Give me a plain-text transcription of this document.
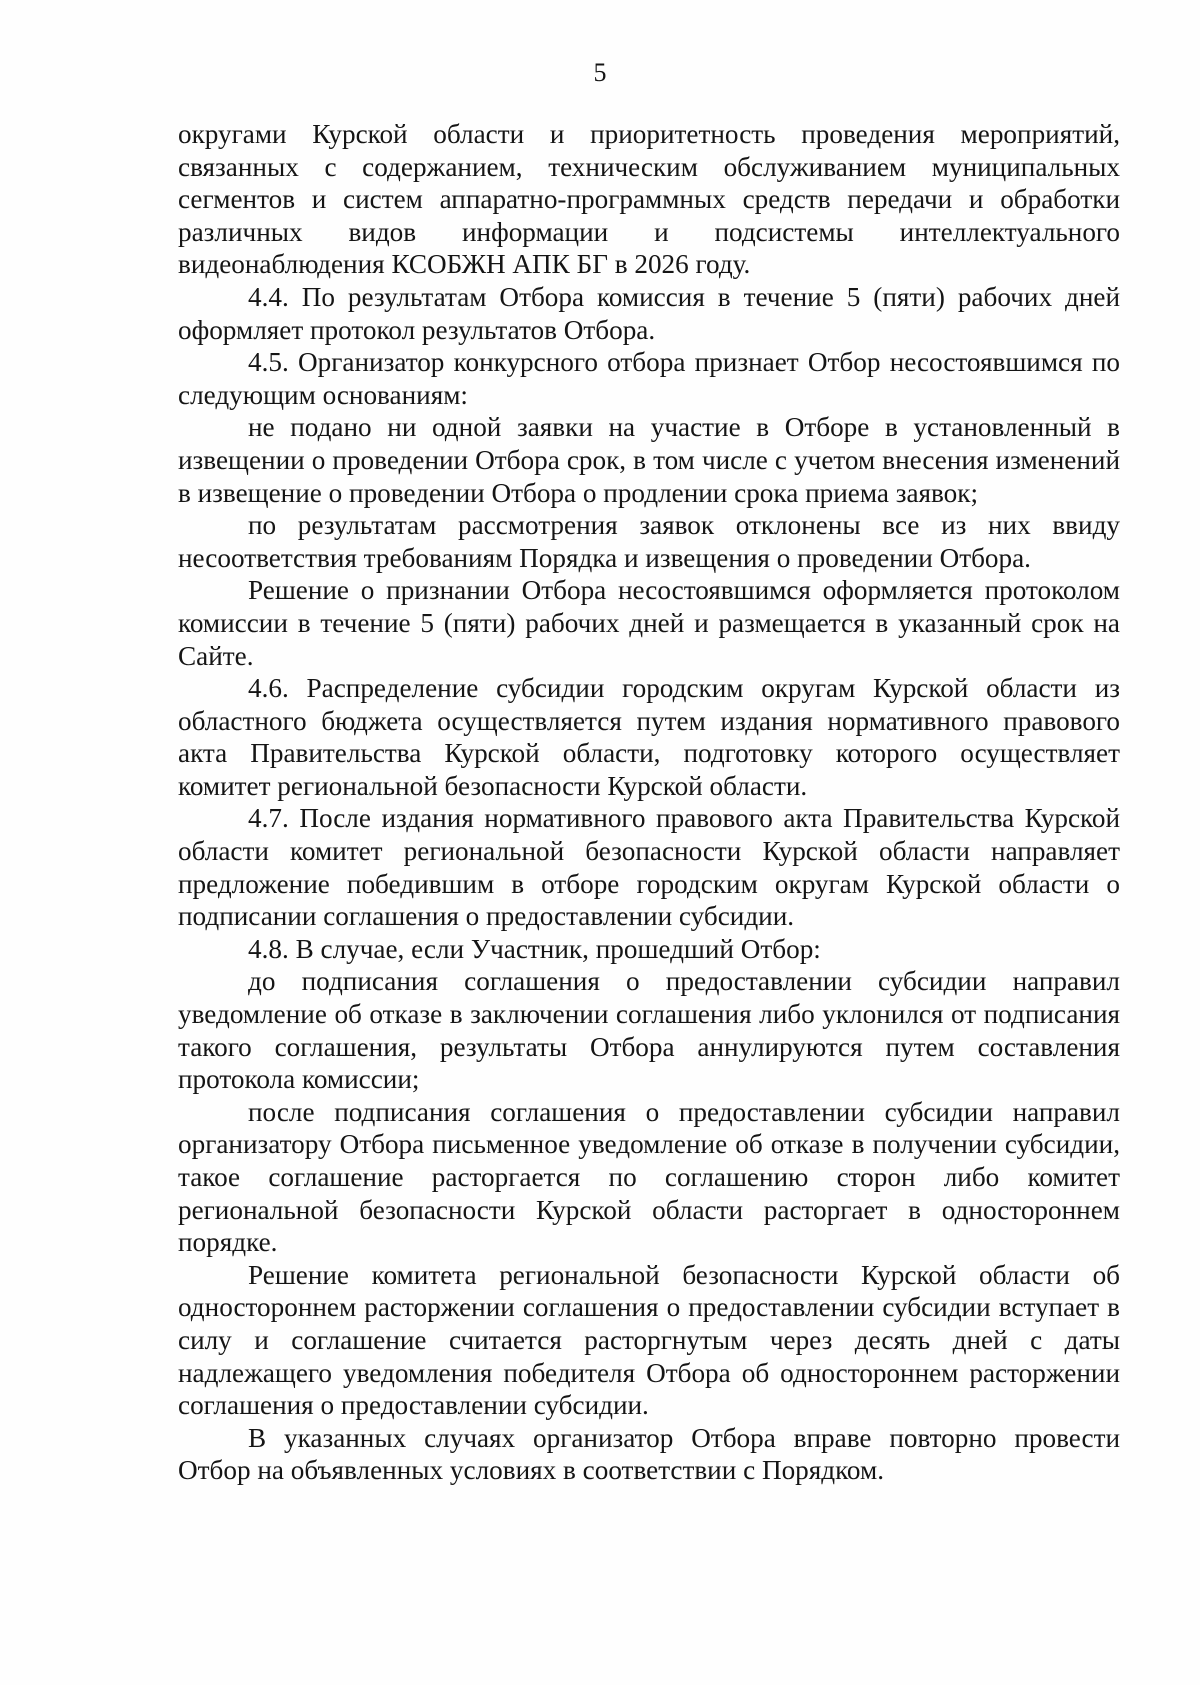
5

округами Курской области и приоритетность проведения мероприятий, связанных с содержанием, техническим обслуживанием муниципальных сегментов и систем аппаратно-программных средств передачи и обработки различных видов информации и подсистемы интеллектуального видеонаблюдения КСОБЖН АПК БГ в 2026 году.

4.4. По результатам Отбора комиссия в течение 5 (пяти) рабочих дней оформляет протокол результатов Отбора.

4.5. Организатор конкурсного отбора признает Отбор несостоявшимся по следующим основаниям:

не подано ни одной заявки на участие в Отборе в установленный в извещении о проведении Отбора срок, в том числе с учетом внесения изменений в извещение о проведении Отбора о продлении срока приема заявок;

по результатам рассмотрения заявок отклонены все из них ввиду несоответствия требованиям Порядка и извещения о проведении Отбора.

Решение о признании Отбора несостоявшимся оформляется протоколом комиссии в течение 5 (пяти) рабочих дней и размещается в указанный срок на Сайте.

4.6. Распределение субсидии городским округам Курской области из областного бюджета осуществляется путем издания нормативного правового акта Правительства Курской области, подготовку которого осуществляет комитет региональной безопасности Курской области.

4.7. После издания нормативного правового акта Правительства Курской области комитет региональной безопасности Курской области направляет предложение победившим в отборе городским округам Курской области о подписании соглашения о предоставлении субсидии.

4.8. В случае, если Участник, прошедший Отбор:

до подписания соглашения о предоставлении субсидии направил уведомление об отказе в заключении соглашения либо уклонился от подписания такого соглашения, результаты Отбора аннулируются путем составления протокола комиссии;

после подписания соглашения о предоставлении субсидии направил организатору Отбора письменное уведомление об отказе в получении субсидии, такое соглашение расторгается по соглашению сторон либо комитет региональной безопасности Курской области расторгает в одностороннем порядке.

Решение комитета региональной безопасности Курской области об одностороннем расторжении соглашения о предоставлении субсидии вступает в силу и соглашение считается расторгнутым через десять дней с даты надлежащего уведомления победителя Отбора об одностороннем расторжении соглашения о предоставлении субсидии.

В указанных случаях организатор Отбора вправе повторно провести Отбор на объявленных условиях в соответствии с Порядком.
